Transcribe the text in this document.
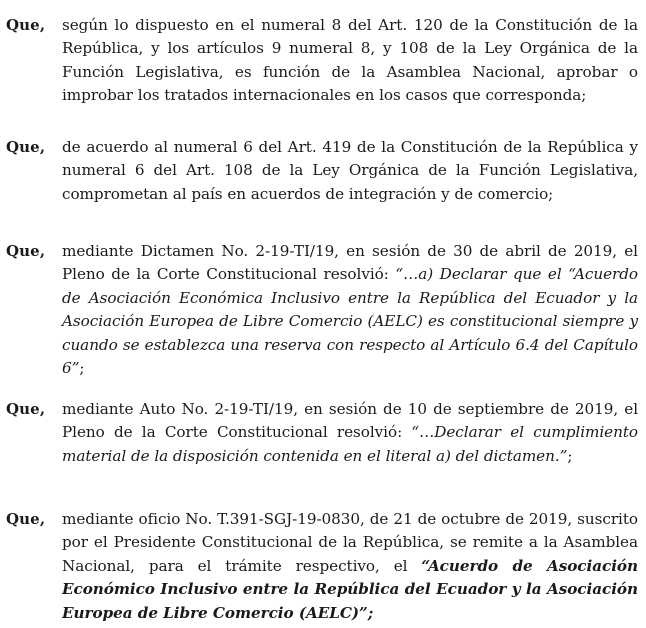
Que, según lo dispuesto en el numeral 8 del Art. 120 de la Constitución de la República, y los artículos 9 numeral 8, y 108 de la Ley Orgánica de la Función Legislativa, es función de la Asamblea Nacional, aprobar o improbar los tratados internacionales en los casos que corresponda;
Que, de acuerdo al numeral 6 del Art. 419 de la Constitución de la República y numeral 6 del Art. 108 de la Ley Orgánica de la Función Legislativa, comprometan al país en acuerdos de integración y de comercio;
Que, mediante Dictamen No. 2-19-TI/19, en sesión de 30 de abril de 2019, el Pleno de la Corte Constitucional resolvió: “…a) Declarar que el “Acuerdo de Asociación Económica Inclusivo entre la República del Ecuador y la Asociación Europea de Libre Comercio (AELC) es constitucional siempre y cuando se establezca una reserva con respecto al Artículo 6.4 del Capítulo 6”;
Que, mediante Auto No. 2-19-TI/19, en sesión de 10 de septiembre de 2019, el Pleno de la Corte Constitucional resolvió: “…Declarar el cumplimiento material de la disposición contenida en el literal a) del dictamen.”;
Que, mediante oficio No. T.391-SGJ-19-0830, de 21 de octubre de 2019, suscrito por el Presidente Constitucional de la República, se remite a la Asamblea Nacional, para el trámite respectivo, el “Acuerdo de Asociación Económico Inclusivo entre la República del Ecuador y la Asociación Europea de Libre Comercio (AELC)”;
